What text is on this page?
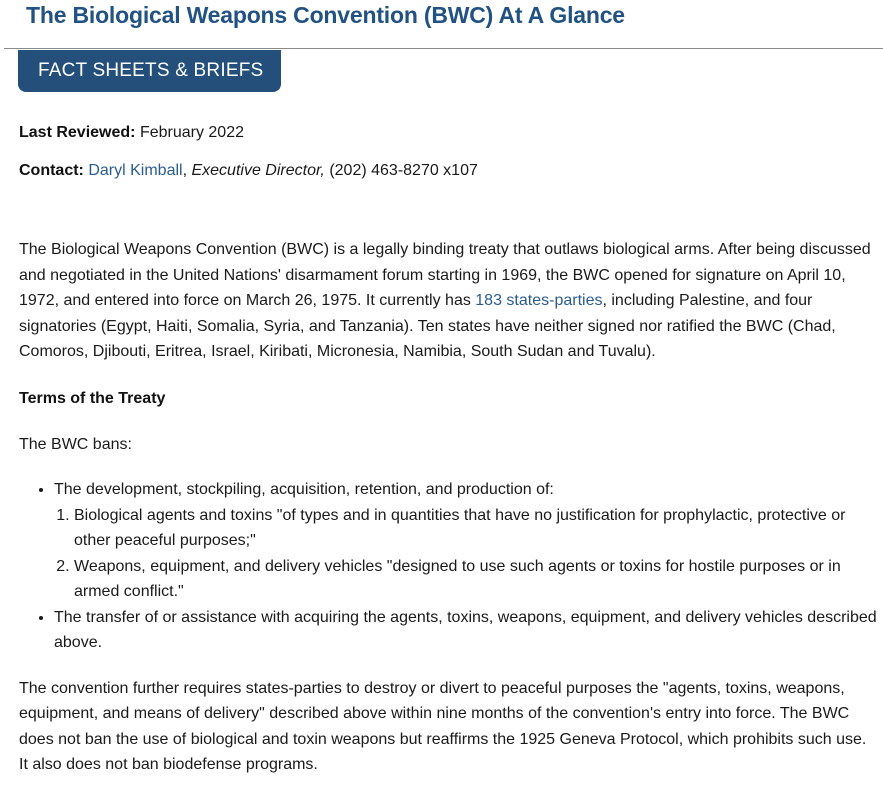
The Biological Weapons Convention (BWC) At A Glance
FACT SHEETS & BRIEFS

Last Reviewed: February 2022

Contact: Daryl Kimball, Executive Director, (202) 463-8270 x107

The Biological Weapons Convention (BWC) is a legally binding treaty that outlaws biological arms. After being discussed and negotiated in the United Nations' disarmament forum starting in 1969, the BWC opened for signature on April 10, 1972, and entered into force on March 26, 1975. It currently has 183 states-parties, including Palestine, and four signatories (Egypt, Haiti, Somalia, Syria, and Tanzania). Ten states have neither signed nor ratified the BWC (Chad, Comoros, Djibouti, Eritrea, Israel, Kiribati, Micronesia, Namibia, South Sudan and Tuvalu).

Terms of the Treaty

The BWC bans:

• The development, stockpiling, acquisition, retention, and production of:
1. Biological agents and toxins "of types and in quantities that have no justification for prophylactic, protective or other peaceful purposes;"
2. Weapons, equipment, and delivery vehicles "designed to use such agents or toxins for hostile purposes or in armed conflict."
• The transfer of or assistance with acquiring the agents, toxins, weapons, equipment, and delivery vehicles described above.

The convention further requires states-parties to destroy or divert to peaceful purposes the "agents, toxins, weapons, equipment, and means of delivery" described above within nine months of the convention's entry into force. The BWC does not ban the use of biological and toxin weapons but reaffirms the 1925 Geneva Protocol, which prohibits such use. It also does not ban biodefense programs.
